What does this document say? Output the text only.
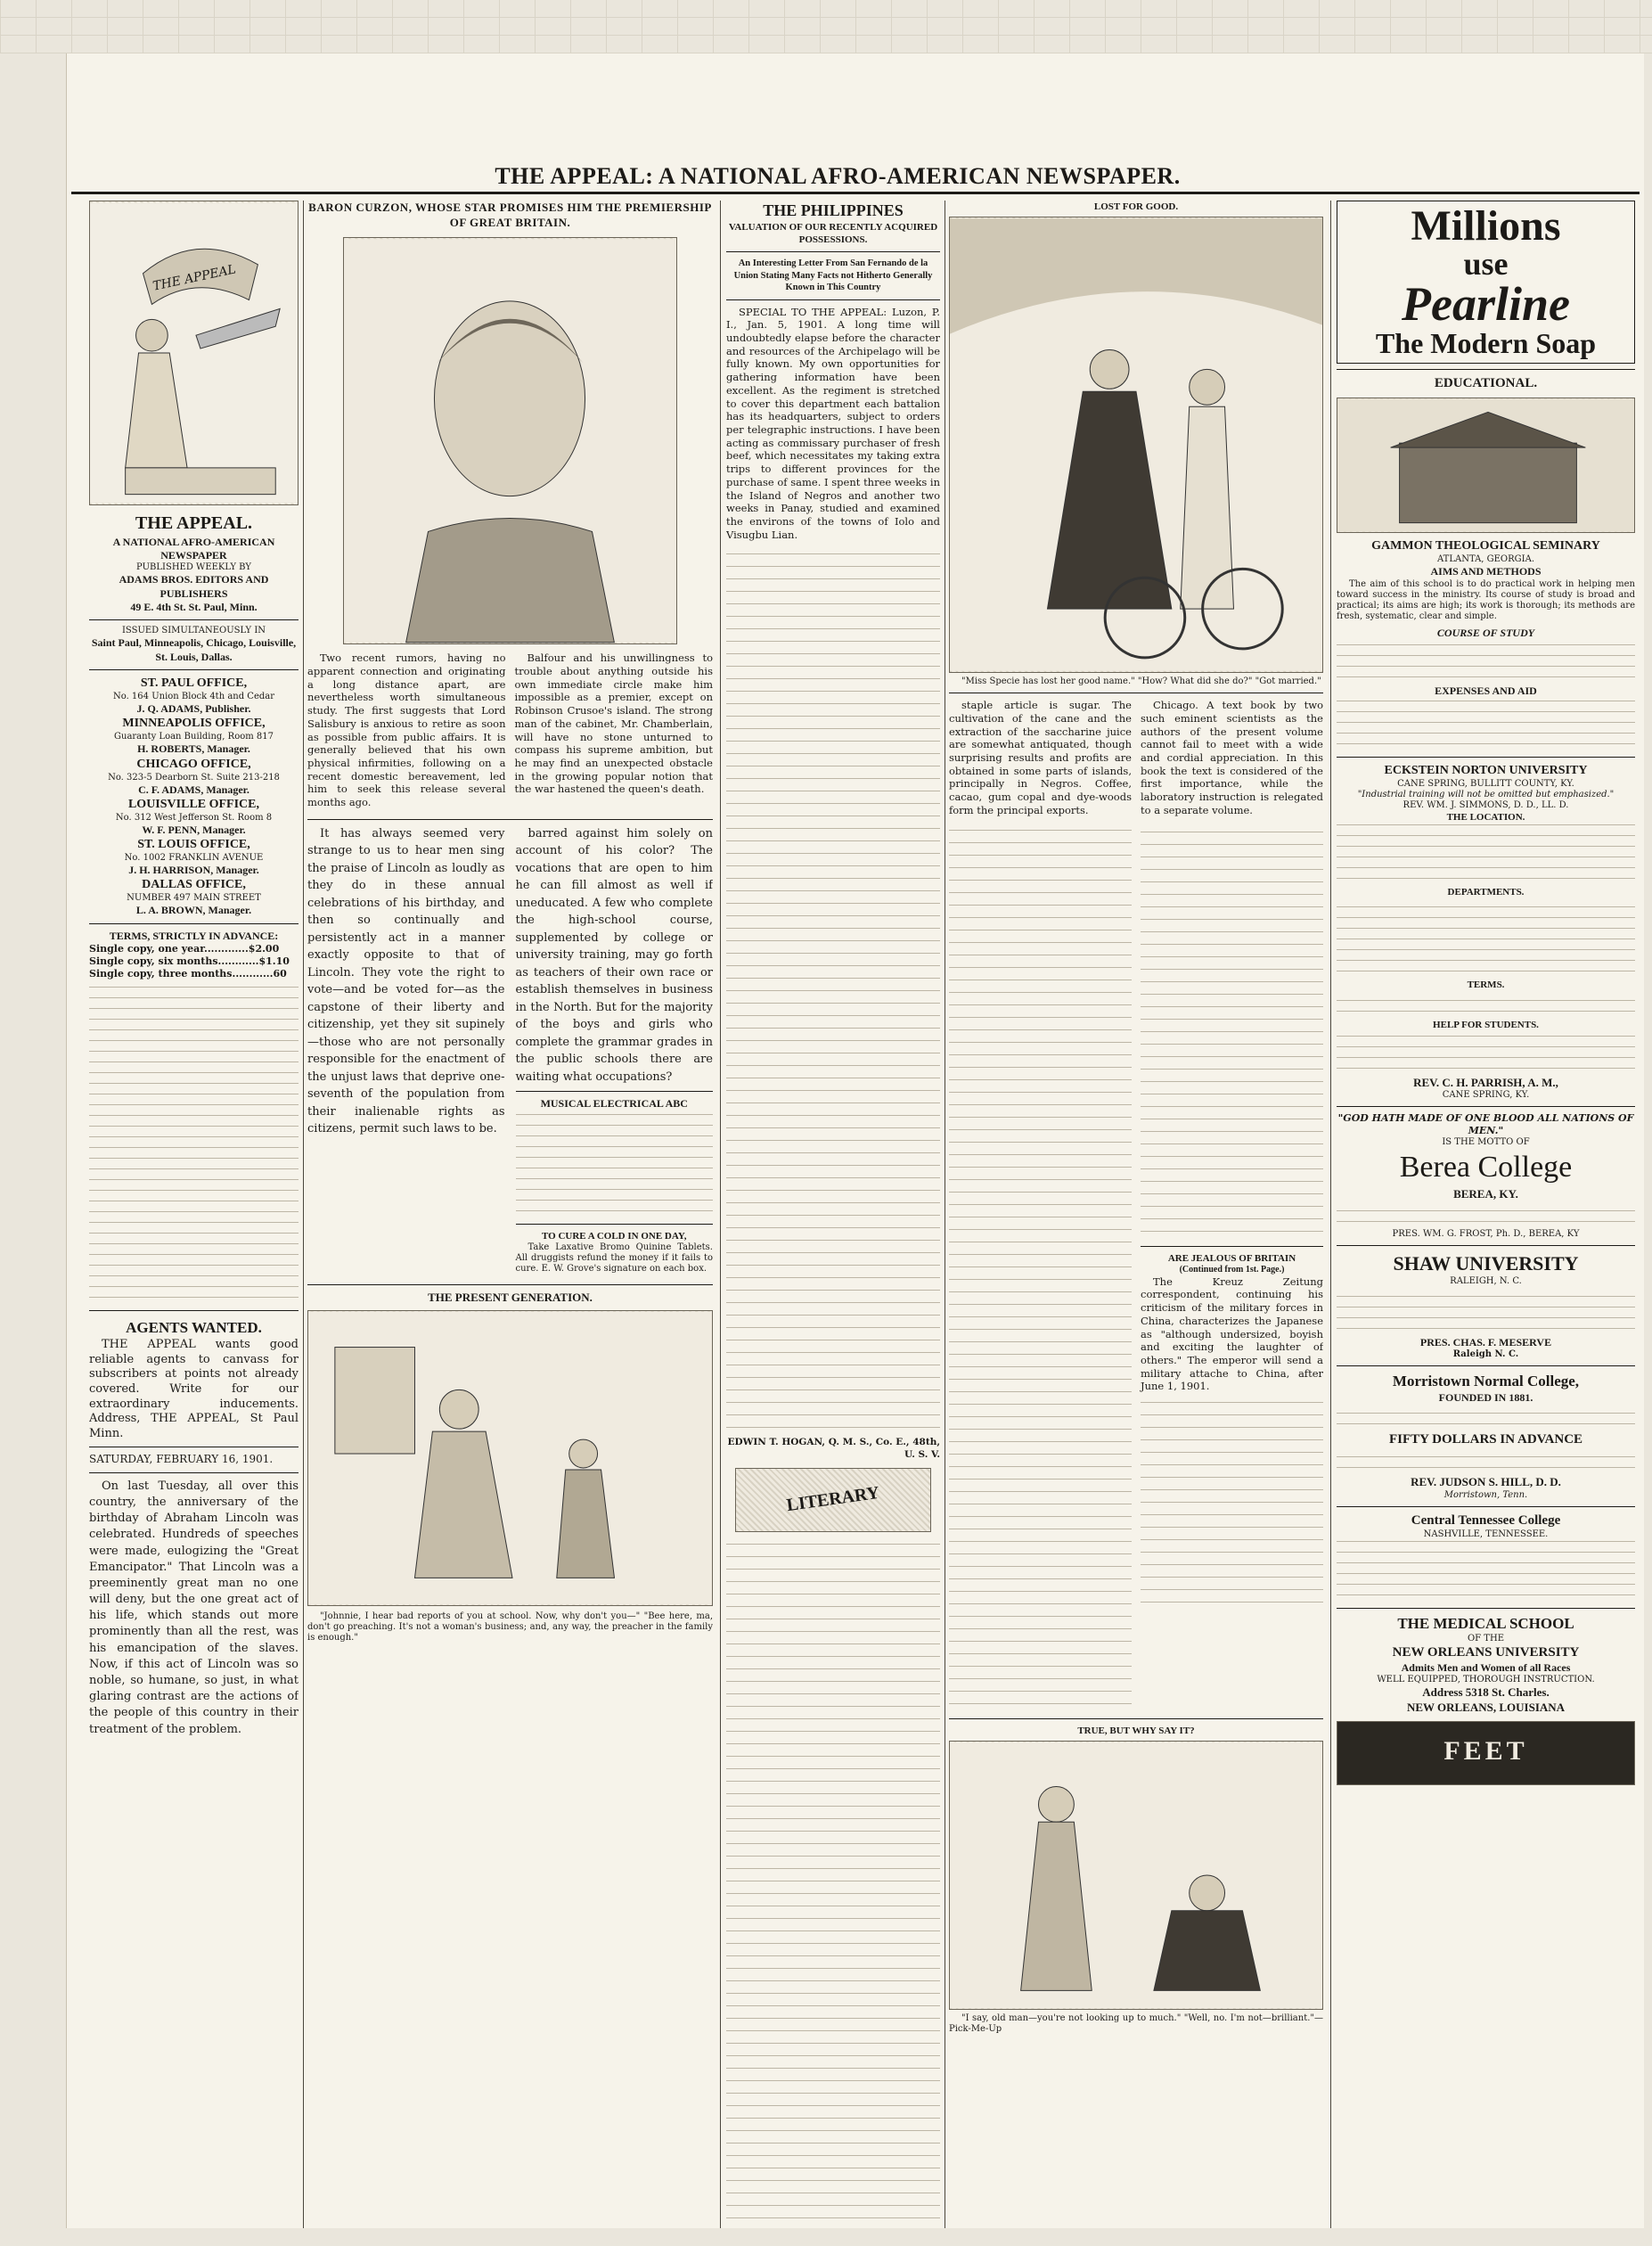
THE APPEAL: A NATIONAL AFRO-AMERICAN NEWSPAPER.
THE APPEAL
THE APPEAL.
A NATIONAL AFRO-AMERICAN NEWSPAPER
PUBLISHED WEEKLY BY
ADAMS BROS. EDITORS AND PUBLISHERS
49 E. 4th St. St. Paul, Minn.
ISSUED SIMULTANEOUSLY IN
Saint Paul, Minneapolis, Chicago, Louisville, St. Louis, Dallas.
ST. PAUL OFFICE,
No. 164 Union Block 4th and Cedar
J. Q. ADAMS, Publisher.
MINNEAPOLIS OFFICE,
Guaranty Loan Building, Room 817
H. ROBERTS, Manager.
CHICAGO OFFICE,
No. 323-5 Dearborn St. Suite 213-218
C. F. ADAMS, Manager.
LOUISVILLE OFFICE,
No. 312 West Jefferson St. Room 8
W. F. PENN, Manager.
ST. LOUIS OFFICE,
No. 1002 FRANKLIN AVENUE
J. H. HARRISON, Manager.
DALLAS OFFICE,
NUMBER 497 MAIN STREET
L. A. BROWN, Manager.
TERMS, STRICTLY IN ADVANCE:
Single copy, one year.............$2.00
Single copy, six months............$1.10
Single copy, three months............60
AGENTS WANTED.

THE APPEAL wants good reliable agents to canvass for subscribers at points not already covered. Write for our extraordinary inducements. Address, THE APPEAL, St Paul Minn.

SATURDAY, FEBRUARY 16, 1901.

On last Tuesday, all over this country, the anniversary of the birthday of Abraham Lincoln was celebrated. Hundreds of speeches were made, eulogizing the "Great Emancipator." That Lincoln was a preeminently great man no one will deny, but the one great act of his life, which stands out more prominently than all the rest, was his emancipation of the slaves. Now, if this act of Lincoln was so noble, so humane, so just, in what glaring contrast are the actions of the people of this country in their treatment of the problem.

BARON CURZON, WHOSE STAR PROMISES HIM THE PREMIERSHIP OF GREAT BRITAIN.

Two recent rumors, having no apparent connection and originating a long distance apart, are nevertheless worth simultaneous study. The first suggests that Lord Salisbury is anxious to retire as soon as possible from public affairs. It is generally believed that his own physical infirmities, following on a recent domestic bereavement, led him to seek this release several months ago.

Balfour and his unwillingness to trouble about anything outside his own immediate circle make him impossible as a premier, except on Robinson Crusoe's island. The strong man of the cabinet, Mr. Chamberlain, will have no stone unturned to compass his supreme ambition, but he may find an unexpected obstacle in the growing popular notion that the war hastened the queen's death.

It has always seemed very strange to us to hear men sing the praise of Lincoln as loudly as they do in these annual celebrations of his birthday, and then so continually and persistently act in a manner exactly opposite to that of Lincoln. They vote the right to vote—and be voted for—as the capstone of their liberty and citizenship, yet they sit supinely—those who are not personally responsible for the enactment of the unjust laws that deprive one-seventh of the population from their inalienable rights as citizens, permit such laws to be.

barred against him solely on account of his color? The vocations that are open to him he can fill almost as well if uneducated. A few who complete the high-school course, supplemented by college or university training, may go forth as teachers of their own race or establish themselves in business in the North. But for the majority of the boys and girls who complete the grammar grades in the public schools there are waiting what occupations?

MUSICAL ELECTRICAL ABC
TO CURE A COLD IN ONE DAY,

Take Laxative Bromo Quinine Tablets. All druggists refund the money if it fails to cure. E. W. Grove's signature on each box.

THE PRESENT GENERATION.

"Johnnie, I hear bad reports of you at school. Now, why don't you—" "Bee here, ma, don't go preaching. It's not a woman's business; and, any way, the preacher in the family is enough."

THE PHILIPPINES
VALUATION OF OUR RECENTLY ACQUIRED POSSESSIONS.
An Interesting Letter From San Fernando de la Union Stating Many Facts not Hitherto Generally Known in This Country

SPECIAL TO THE APPEAL: Luzon, P. I., Jan. 5, 1901. A long time will undoubtedly elapse before the character and resources of the Archipelago will be fully known. My own opportunities for gathering information have been excellent. As the regiment is stretched to cover this department each battalion has its headquarters, subject to orders per telegraphic instructions. I have been acting as commissary purchaser of fresh beef, which necessitates my taking extra trips to different provinces for the purchase of same. I spent three weeks in the Island of Negros and another two weeks in Panay, studied and examined the environs of the towns of Iolo and Visugbu Lian.

EDWIN T. HOGAN, Q. M. S., Co. E., 48th, U. S. V.
LITERARY
LOST FOR GOOD.

"Miss Specie has lost her good name." "How? What did she do?" "Got married."

staple article is sugar. The cultivation of the cane and the extraction of the saccharine juice are somewhat antiquated, though surprising results and profits are obtained in some parts of islands, principally in Negros. Coffee, cacao, gum copal and dye-woods form the principal exports.

Chicago. A text book by two such eminent scientists as the authors of the present volume cannot fail to meet with a wide and cordial appreciation. In this book the text is considered of the first importance, while the laboratory instruction is relegated to a separate volume.

ARE JEALOUS OF BRITAIN
(Continued from 1st. Page.)

The Kreuz Zeitung correspondent, continuing his criticism of the military forces in China, characterizes the Japanese as "although undersized, boyish and exciting the laughter of others." The emperor will send a military attache to China, after June 1, 1901.

TRUE, BUT WHY SAY IT?

"I say, old man—you're not looking up to much." "Well, no. I'm not—brilliant."—Pick-Me-Up

Millions
use
Pearline
The Modern Soap
EDUCATIONAL.
GAMMON THEOLOGICAL SEMINARY
ATLANTA, GEORGIA.
AIMS AND METHODS

The aim of this school is to do practical work in helping men toward success in the ministry. Its course of study is broad and practical; its aims are high; its work is thorough; its methods are fresh, systematic, clear and simple.

COURSE OF STUDY
EXPENSES AND AID
ECKSTEIN NORTON UNIVERSITY
CANE SPRING, BULLITT COUNTY, KY.
"Industrial training will not be omitted but emphasized."
REV. WM. J. SIMMONS, D. D., LL. D.
THE LOCATION.
DEPARTMENTS.
TERMS.
HELP FOR STUDENTS.
REV. C. H. PARRISH, A. M.,
CANE SPRING, KY.
"GOD HATH MADE OF ONE BLOOD ALL NATIONS OF MEN."
IS THE MOTTO OF
Berea College
BEREA, KY.
PRES. WM. G. FROST, Ph. D., BEREA, KY
SHAW UNIVERSITY
RALEIGH, N. C.
PRES. CHAS. F. MESERVE
Raleigh N. C.
Morristown Normal College,
FOUNDED IN 1881.
FIFTY DOLLARS IN ADVANCE
REV. JUDSON S. HILL, D. D.
Morristown, Tenn.
Central Tennessee College
NASHVILLE, TENNESSEE.
THE MEDICAL SCHOOL
OF THE
NEW ORLEANS UNIVERSITY
Admits Men and Women of all Races
WELL EQUIPPED, THOROUGH INSTRUCTION.
Address 5318 St. Charles.
NEW ORLEANS, LOUISIANA
FEET
